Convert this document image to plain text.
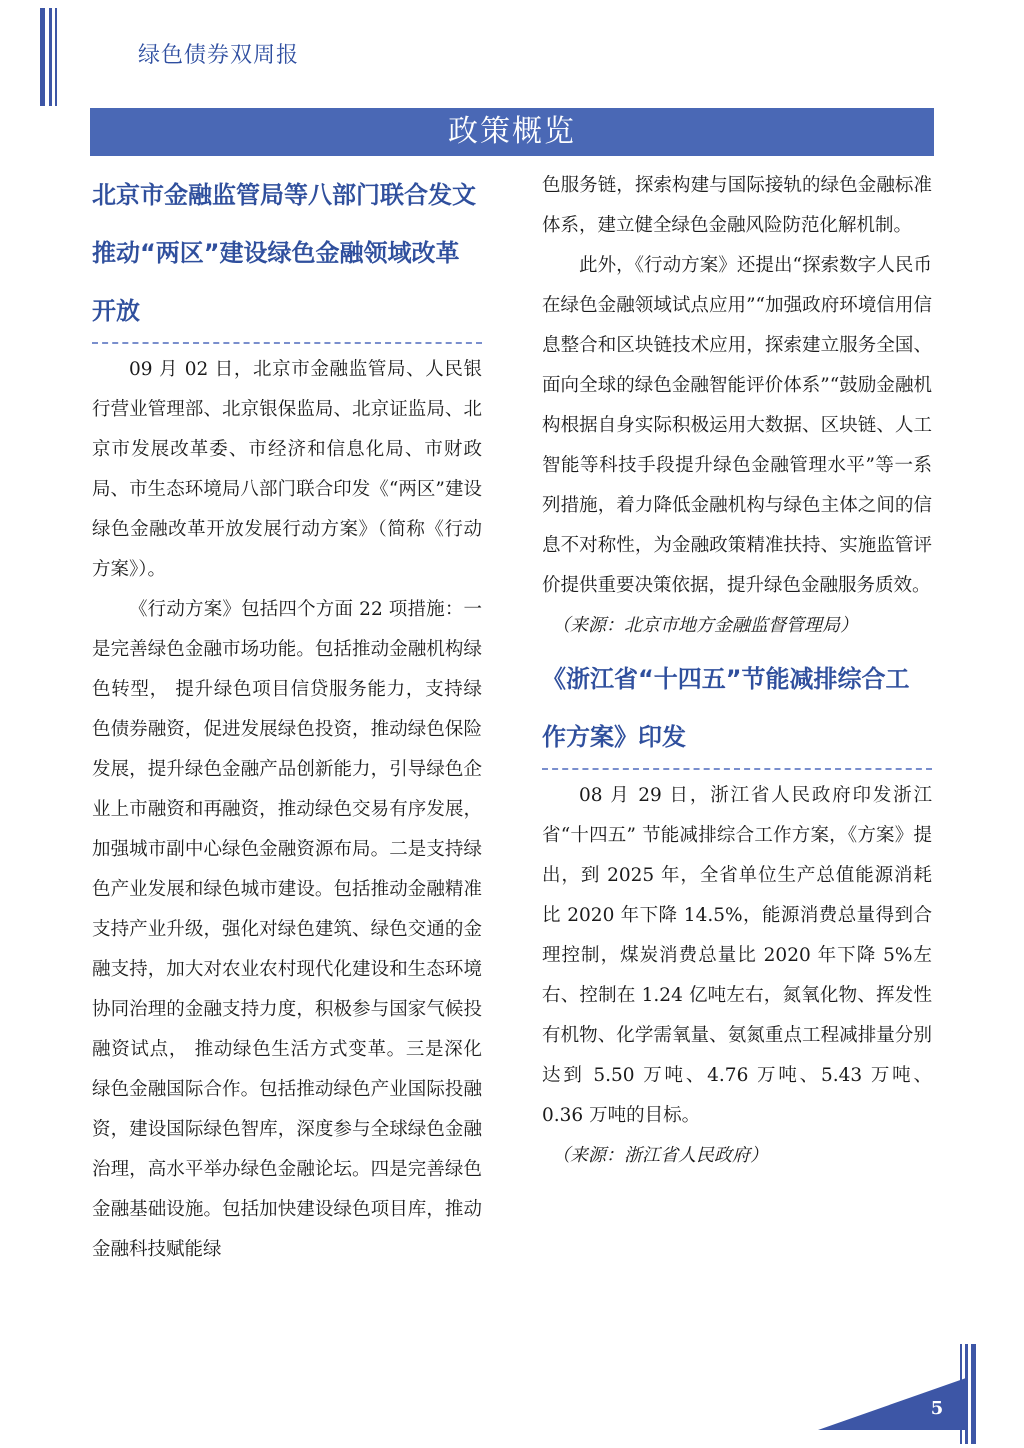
绿色债券双周报
政策概览
北京市金融监管局等八部门联合发文推动“两区”建设绿色金融领域改革开放

09 月 02 日，北京市金融监管局、人民银行营业管理部、北京银保监局、北京证监局、北京市发展改革委、市经济和信息化局、市财政局、市生态环境局八部门联合印发《“两区”建设绿色金融改革开放发展行动方案》（简称《行动方案》）。

《行动方案》包括四个方面 22 项措施：一是完善绿色金融市场功能。包括推动金融机构绿色转型， 提升绿色项目信贷服务能力，支持绿色债券融资，促进发展绿色投资，推动绿色保险发展，提升绿色金融产品创新能力，引导绿色企业上市融资和再融资，推动绿色交易有序发展，加强城市副中心绿色金融资源布局。二是支持绿色产业发展和绿色城市建设。包括推动金融精准支持产业升级，强化对绿色建筑、绿色交通的金融支持，加大对农业农村现代化建设和生态环境协同治理的金融支持力度，积极参与国家气候投融资试点， 推动绿色生活方式变革。三是深化绿色金融国际合作。包括推动绿色产业国际投融资，建设国际绿色智库，深度参与全球绿色金融治理，高水平举办绿色金融论坛。四是完善绿色金融基础设施。包括加快建设绿色项目库，推动金融科技赋能绿

色服务链，探索构建与国际接轨的绿色金融标准体系，建立健全绿色金融风险防范化解机制。

此外，《行动方案》还提出“探索数字人民币在绿色金融领域试点应用”“加强政府环境信用信息整合和区块链技术应用，探索建立服务全国、面向全球的绿色金融智能评价体系”“鼓励金融机构根据自身实际积极运用大数据、区块链、人工智能等科技手段提升绿色金融管理水平”等一系列措施，着力降低金融机构与绿色主体之间的信息不对称性，为金融政策精准扶持、实施监管评价提供重要决策依据，提升绿色金融服务质效。

（来源：北京市地方金融监督管理局）

《浙江省“十四五”节能减排综合工作方案》印发

08 月 29 日，浙江省人民政府印发浙江省“十四五” 节能减排综合工作方案，《方案》提出，到 2025 年，全省单位生产总值能源消耗比 2020 年下降 14.5%，能源消费总量得到合理控制，煤炭消费总量比 2020 年下降 5%左右、控制在 1.24 亿吨左右，氮氧化物、挥发性有机物、化学需氧量、氨氮重点工程减排量分别达到 5.50 万吨、4.76 万吨、5.43 万吨、0.36 万吨的目标。

（来源：浙江省人民政府）

5
